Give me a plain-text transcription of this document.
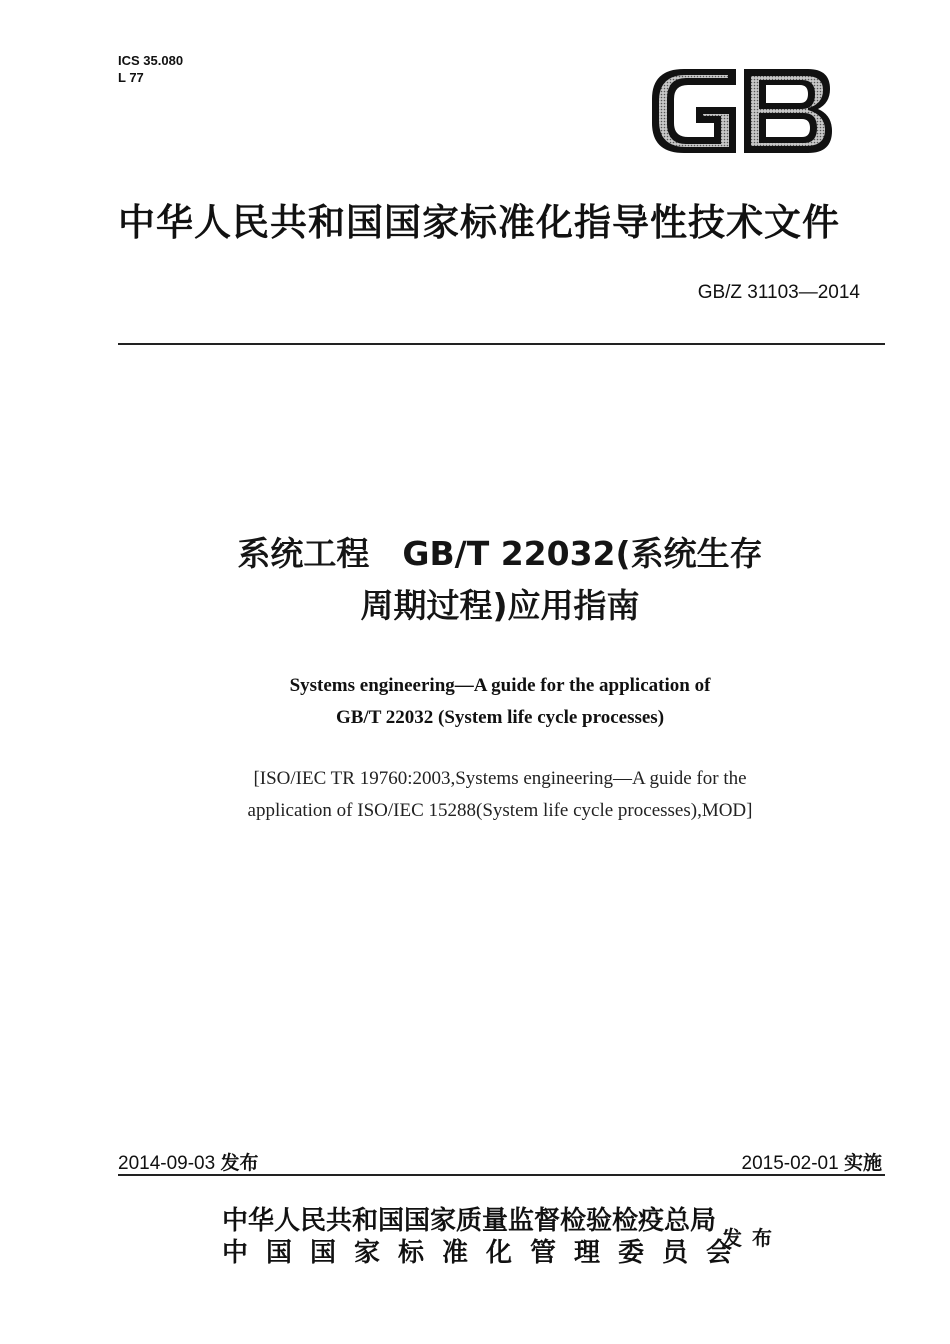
ICS 35.080
L 77
GB
中华人民共和国国家标准化指导性技术文件
GB/Z 31103—2014
系统工程　GB/T 22032(系统生存
周期过程)应用指南
Systems engineering—A guide for the application of
GB/T 22032 (System life cycle processes)
[ISO/IEC TR 19760:2003,Systems engineering—A guide for the
application of ISO/IEC 15288(System life cycle processes),MOD]
2014-09-03 发布	2015-02-01 实施
中华人民共和国国家质量监督检验检疫总局
中国国家标准化管理委员会
发布
